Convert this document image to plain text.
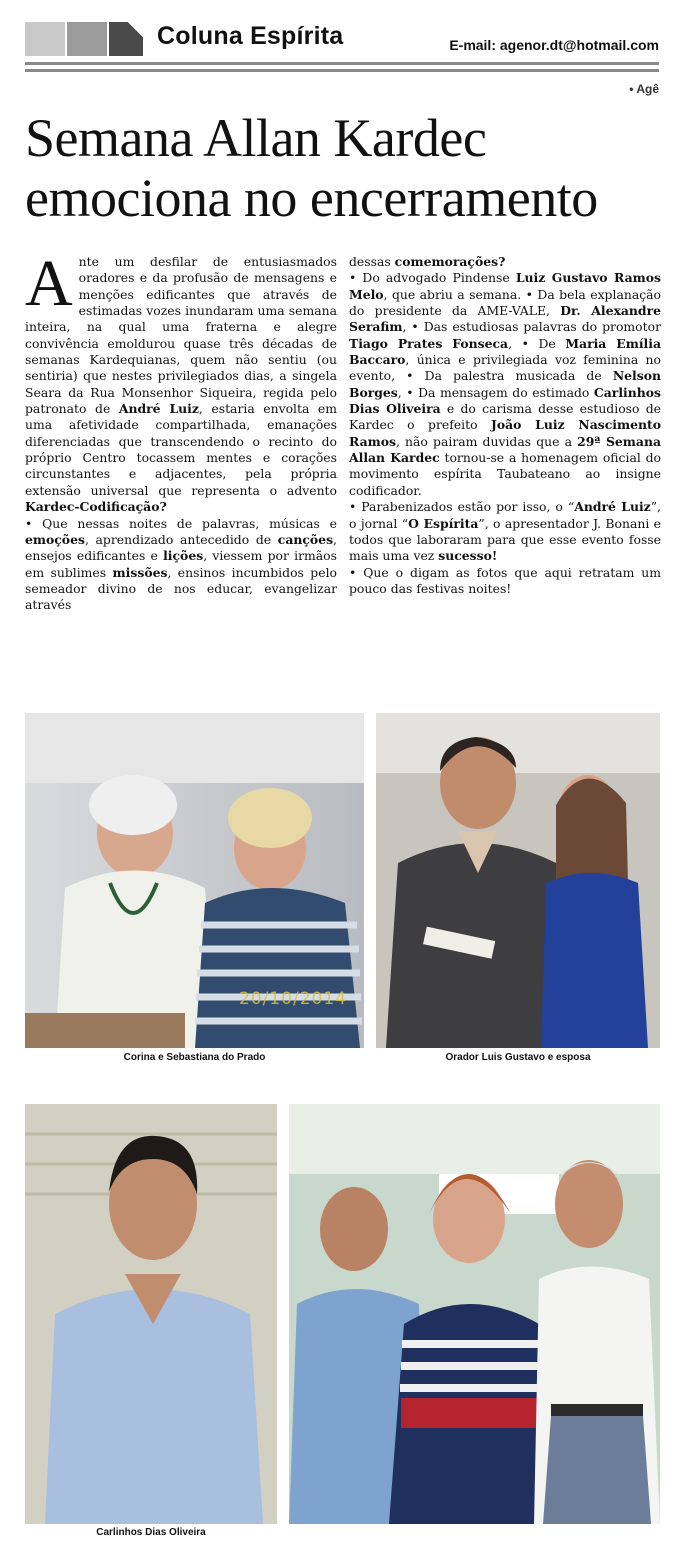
Coluna Espírita	E-mail: agenor.dt@hotmail.com
• Agê
Semana Allan Kardec
emociona no encerramento

Ante um desfilar de entusiasmados oradores e da profusão de mensagens e menções edificantes que através de estimadas vozes inundaram uma semana inteira, na qual uma fraterna e alegre convivência emoldurou quase três décadas de semanas Kardequianas, quem não sentiu (ou sentiria) que nestes privilegiados dias, a singela Seara da Rua Monsenhor Siqueira, regida pelo patronato de André Luiz, estaria envolta em uma afetividade compartilhada, emanações diferenciadas que transcendendo o recinto do próprio Centro tocassem mentes e corações circunstantes e adjacentes, pela própria extensão universal que representa o advento Kardec-Codificação?

• Que nessas noites de palavras, músicas e emoções, aprendizado antecedido de canções, ensejos edificantes e lições, viessem por irmãos em sublimes missões, ensinos incumbidos pelo semeador divino de nos educar, evangelizar através

dessas comemorações?

• Do advogado Pindense Luiz Gustavo Ramos Melo, que abriu a semana. • Da bela explanação do presidente da AME-VALE, Dr. Alexandre Serafim, • Das estudiosas palavras do promotor Tiago Prates Fonseca, • De Maria Emília Baccaro, única e privilegiada voz feminina no evento, • Da palestra musicada de Nelson Borges, • Da mensagem do estimado Carlinhos Dias Oliveira e do carisma desse estudioso de Kardec o prefeito João Luiz Nascimento Ramos, não pairam duvidas que a 29ª Semana Allan Kardec tornou-se a homenagem oficial do movimento espírita Taubateano ao insigne codificador.

• Parabenizados estão por isso, o “André Luiz”, o jornal “O Espírita”, o apresentador J. Bonani e todos que laboraram para que esse evento fosse mais uma vez sucesso!

• Que o digam as fotos que aqui retratam um pouco das festivas noites!

20/10/2014
Corina e Sebastiana do Prado	Orador Luis Gustavo e esposa
Carlinhos Dias Oliveira
